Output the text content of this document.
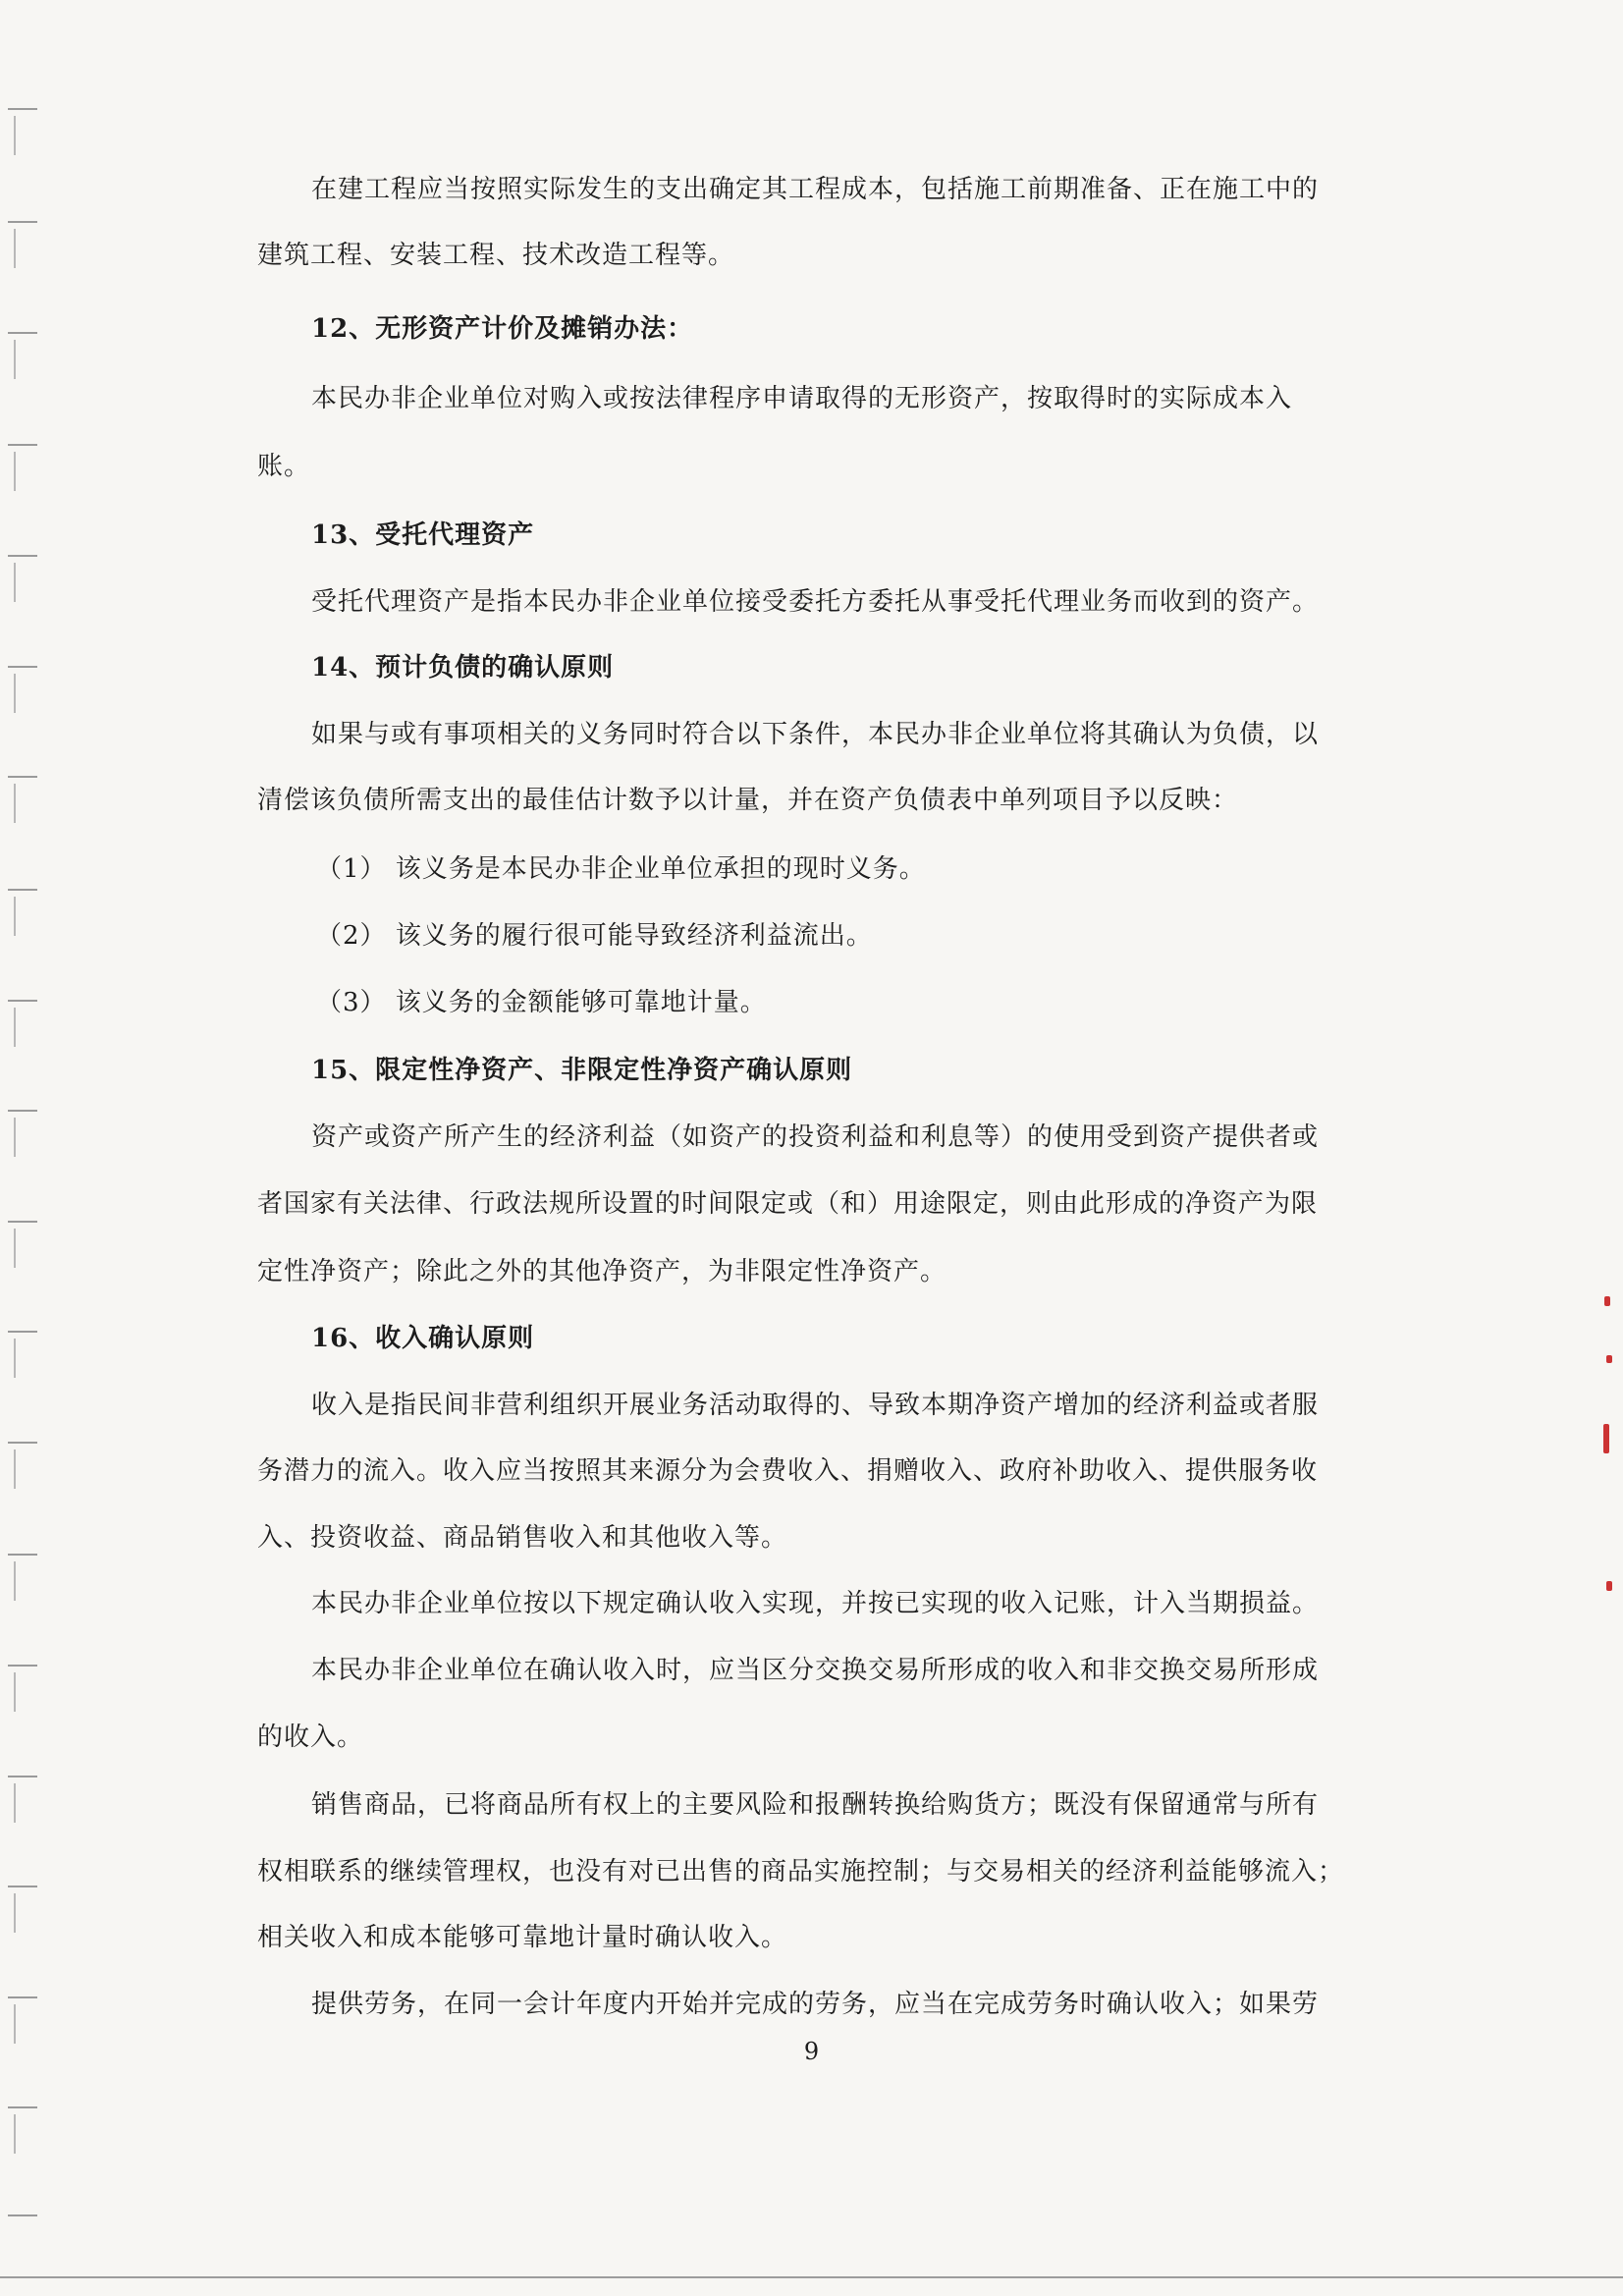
在建工程应当按照实际发生的支出确定其工程成本，包括施工前期准备、正在施工中的
建筑工程、安装工程、技术改造工程等。
12、无形资产计价及摊销办法：
本民办非企业单位对购入或按法律程序申请取得的无形资产，按取得时的实际成本入
账。
13、受托代理资产
受托代理资产是指本民办非企业单位接受委托方委托从事受托代理业务而收到的资产。
14、预计负债的确认原则
如果与或有事项相关的义务同时符合以下条件，本民办非企业单位将其确认为负债，以
清偿该负债所需支出的最佳估计数予以计量，并在资产负债表中单列项目予以反映：
（1） 该义务是本民办非企业单位承担的现时义务。
（2） 该义务的履行很可能导致经济利益流出。
（3） 该义务的金额能够可靠地计量。
15、限定性净资产、非限定性净资产确认原则
资产或资产所产生的经济利益（如资产的投资利益和利息等）的使用受到资产提供者或
者国家有关法律、行政法规所设置的时间限定或（和）用途限定，则由此形成的净资产为限
定性净资产；除此之外的其他净资产，为非限定性净资产。
16、收入确认原则
收入是指民间非营利组织开展业务活动取得的、导致本期净资产增加的经济利益或者服
务潜力的流入。收入应当按照其来源分为会费收入、捐赠收入、政府补助收入、提供服务收
入、投资收益、商品销售收入和其他收入等。
本民办非企业单位按以下规定确认收入实现，并按已实现的收入记账，计入当期损益。
本民办非企业单位在确认收入时，应当区分交换交易所形成的收入和非交换交易所形成
的收入。
销售商品，已将商品所有权上的主要风险和报酬转换给购货方；既没有保留通常与所有
权相联系的继续管理权，也没有对已出售的商品实施控制；与交易相关的经济利益能够流入；
相关收入和成本能够可靠地计量时确认收入。
提供劳务，在同一会计年度内开始并完成的劳务，应当在完成劳务时确认收入；如果劳
9
